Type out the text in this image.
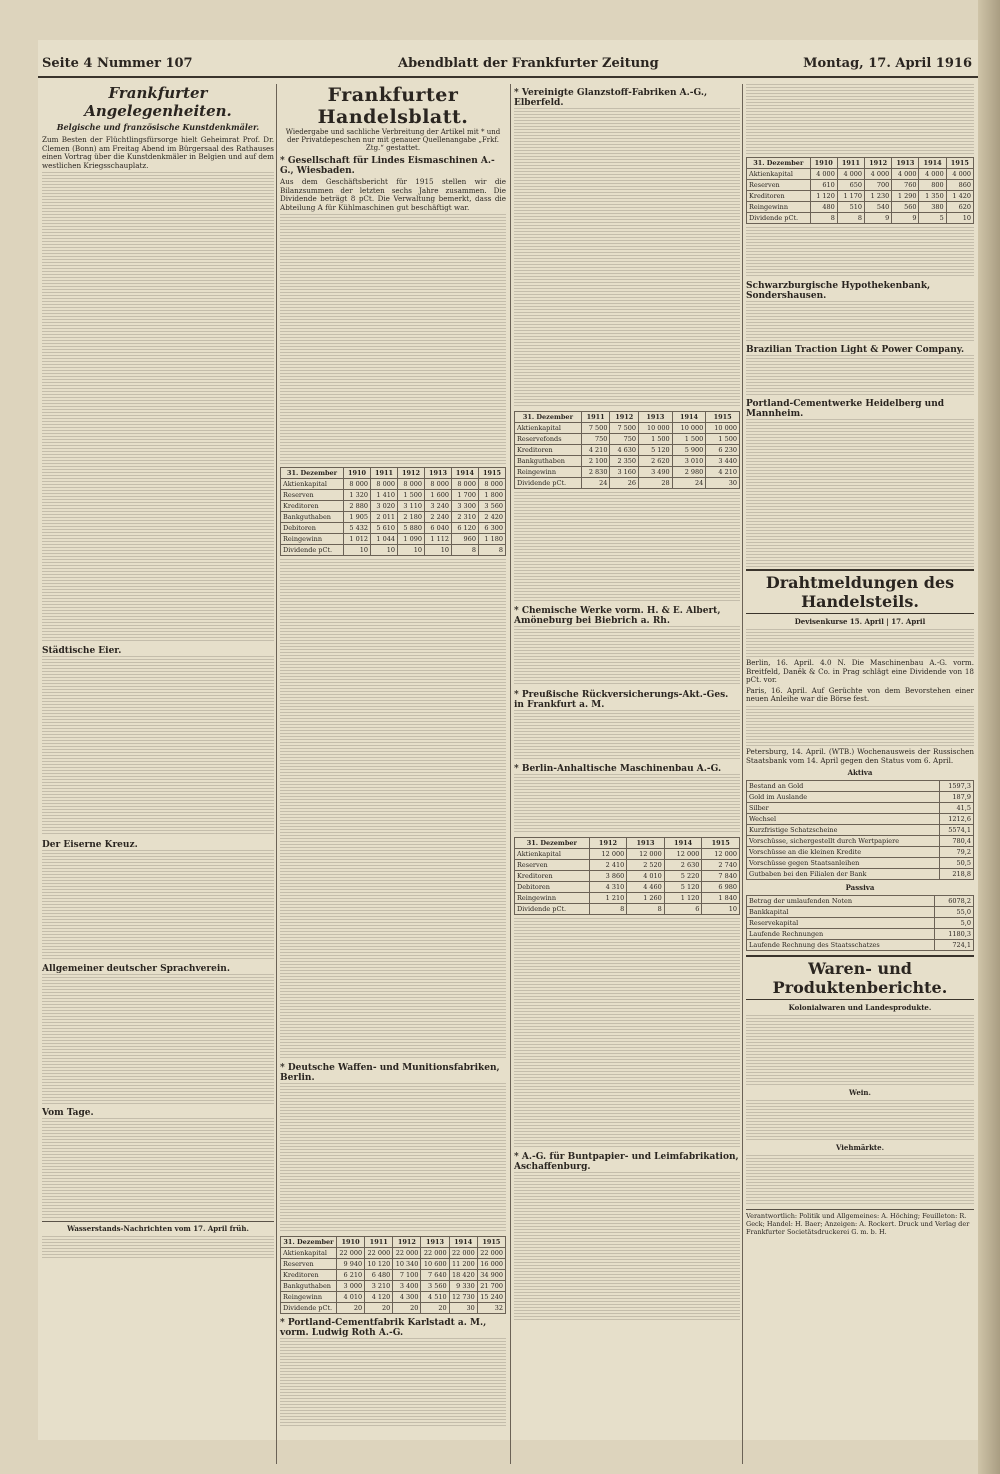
Seite 4 Nummer 107	Abendblatt der Frankfurter Zeitung	Montag, 17. April 1916
Frankfurter Angelegenheiten.
Belgische und französische Kunstdenkmäler.
Zum Besten der Flüchtlingsfürsorge hielt Geheimrat Prof. Dr. Clemen (Bonn) am Freitag Abend im Bürgersaal des Rathauses einen Vortrag über die Kunstdenkmäler in Belgien und auf dem westlichen Kriegsschauplatz.
Städtische Eier.
Der Eiserne Kreuz.
Allgemeiner deutscher Sprachverein.
Vom Tage.
Wasserstands-Nachrichten vom 17. April früh.
Frankfurter Handelsblatt.
Wiedergabe und sachliche Verbreitung der Artikel mit * und der Privatdepeschen nur mit genauer Quellenangabe „Frkf. Ztg.“ gestattet.
* Gesellschaft für Lindes Eismaschinen A.-G., Wiesbaden.
Aus dem Geschäftsbericht für 1915 stellen wir die Bilanzsummen der letzten sechs Jahre zusammen. Die Dividende beträgt 8 pCt. Die Verwaltung bemerkt, dass die Abteilung A für Kühlmaschinen gut beschäftigt war.
31. Dezember	1910	1911	1912	1913	1914	1915
Aktienkapital	8 000	8 000	8 000	8 000	8 000	8 000
Reserven	1 320	1 410	1 500	1 600	1 700	1 800
Kreditoren	2 880	3 020	3 110	3 240	3 300	3 560
Bankguthaben	1 905	2 011	2 180	2 240	2 310	2 420
Debitoren	5 432	5 610	5 880	6 040	6 120	6 300
Reingewinn	1 012	1 044	1 090	1 112	960	1 180
Dividende pCt.	10	10	10	10	8	8
* Deutsche Waffen- und Munitionsfabriken, Berlin.
31. Dezember	1910	1911	1912	1913	1914	1915
Aktienkapital	22 000	22 000	22 000	22 000	22 000	22 000
Reserven	9 940	10 120	10 340	10 600	11 200	16 000
Kreditoren	6 210	6 480	7 100	7 640	18 420	34 900
Bankguthaben	3 000	3 210	3 400	3 560	9 330	21 700
Reingewinn	4 010	4 120	4 300	4 510	12 730	15 240
Dividende pCt.	20	20	20	20	30	32
* Portland-Cementfabrik Karlstadt a. M., vorm. Ludwig Roth A.-G.
* Vereinigte Glanzstoff-Fabriken A.-G., Elberfeld.
31. Dezember	1911	1912	1913	1914	1915
Aktienkapital	7 500	7 500	10 000	10 000	10 000
Reservefonds	750	750	1 500	1 500	1 500
Kreditoren	4 210	4 630	5 120	5 900	6 230
Bankguthaben	2 100	2 350	2 620	3 010	3 440
Reingewinn	2 830	3 160	3 490	2 980	4 210
Dividende pCt.	24	26	28	24	30
* Chemische Werke vorm. H. & E. Albert, Amöneburg bei Biebrich a. Rh.
* Preußische Rückversicherungs-Akt.-Ges. in Frankfurt a. M.
* Berlin-Anhaltische Maschinenbau A.-G.
31. Dezember	1912	1913	1914	1915
Aktienkapital	12 000	12 000	12 000	12 000
Reserven	2 410	2 520	2 630	2 740
Kreditoren	3 860	4 010	5 220	7 840
Debitoren	4 310	4 460	5 120	6 980
Reingewinn	1 210	1 260	1 120	1 840
Dividende pCt.	8	8	6	10
* A.-G. für Buntpapier- und Leimfabrikation, Aschaffenburg.
31. Dezember	1910	1911	1912	1913	1914	1915
Aktienkapital	4 000	4 000	4 000	4 000	4 000	4 000
Reserven	610	650	700	760	800	860
Kreditoren	1 120	1 170	1 230	1 290	1 350	1 420
Reingewinn	480	510	540	560	380	620
Dividende pCt.	8	8	9	9	5	10
Schwarzburgische Hypothekenbank, Sondershausen.
Brazilian Traction Light & Power Company.
Portland-Cementwerke Heidelberg und Mannheim.
Drahtmeldungen des Handelsteils.
Devisenkurse 15. April | 17. April
Berlin, 16. April. 4.0 N. Die Maschinenbau A.-G. vorm. Breitfeld, Daněk & Co. in Prag schlägt eine Dividende von 18 pCt. vor.
Paris, 16. April. Auf Gerüchte von dem Bevorstehen einer neuen Anleihe war die Börse fest.
Petersburg, 14. April. (WTB.) Wochenausweis der Russischen Staatsbank vom 14. April gegen den Status vom 6. April.
Aktiva
Bestand an Gold	1597,3
Gold im Auslande	187,9
Silber	41,5
Wechsel	1212,6
Kurzfristige Schatzscheine	5574,1
Vorschüsse, sichergestellt durch Wertpapiere	780,4
Vorschüsse an die kleinen Kredite	79,2
Vorschüsse gegen Staatsanleihen	50,5
Gutbaben bei den Filialen der Bank	218,8
Passiva
Betrag der umlaufenden Noten	6078,2
Bankkapital	55,0
Reservekapital	5,0
Laufende Rechnungen	1180,3
Laufende Rechnung des Staatsschatzes	724,1
Waren- und Produktenberichte.
Kolonialwaren und Landesprodukte.
Wein.
Viehmärkte.
Verantwortlich: Politik und Allgemeines: A. Höching; Feuilleton: R. Geck; Handel: H. Baer; Anzeigen: A. Rockert. Druck und Verlag der Frankfurter Societätsdruckerei G. m. b. H.
